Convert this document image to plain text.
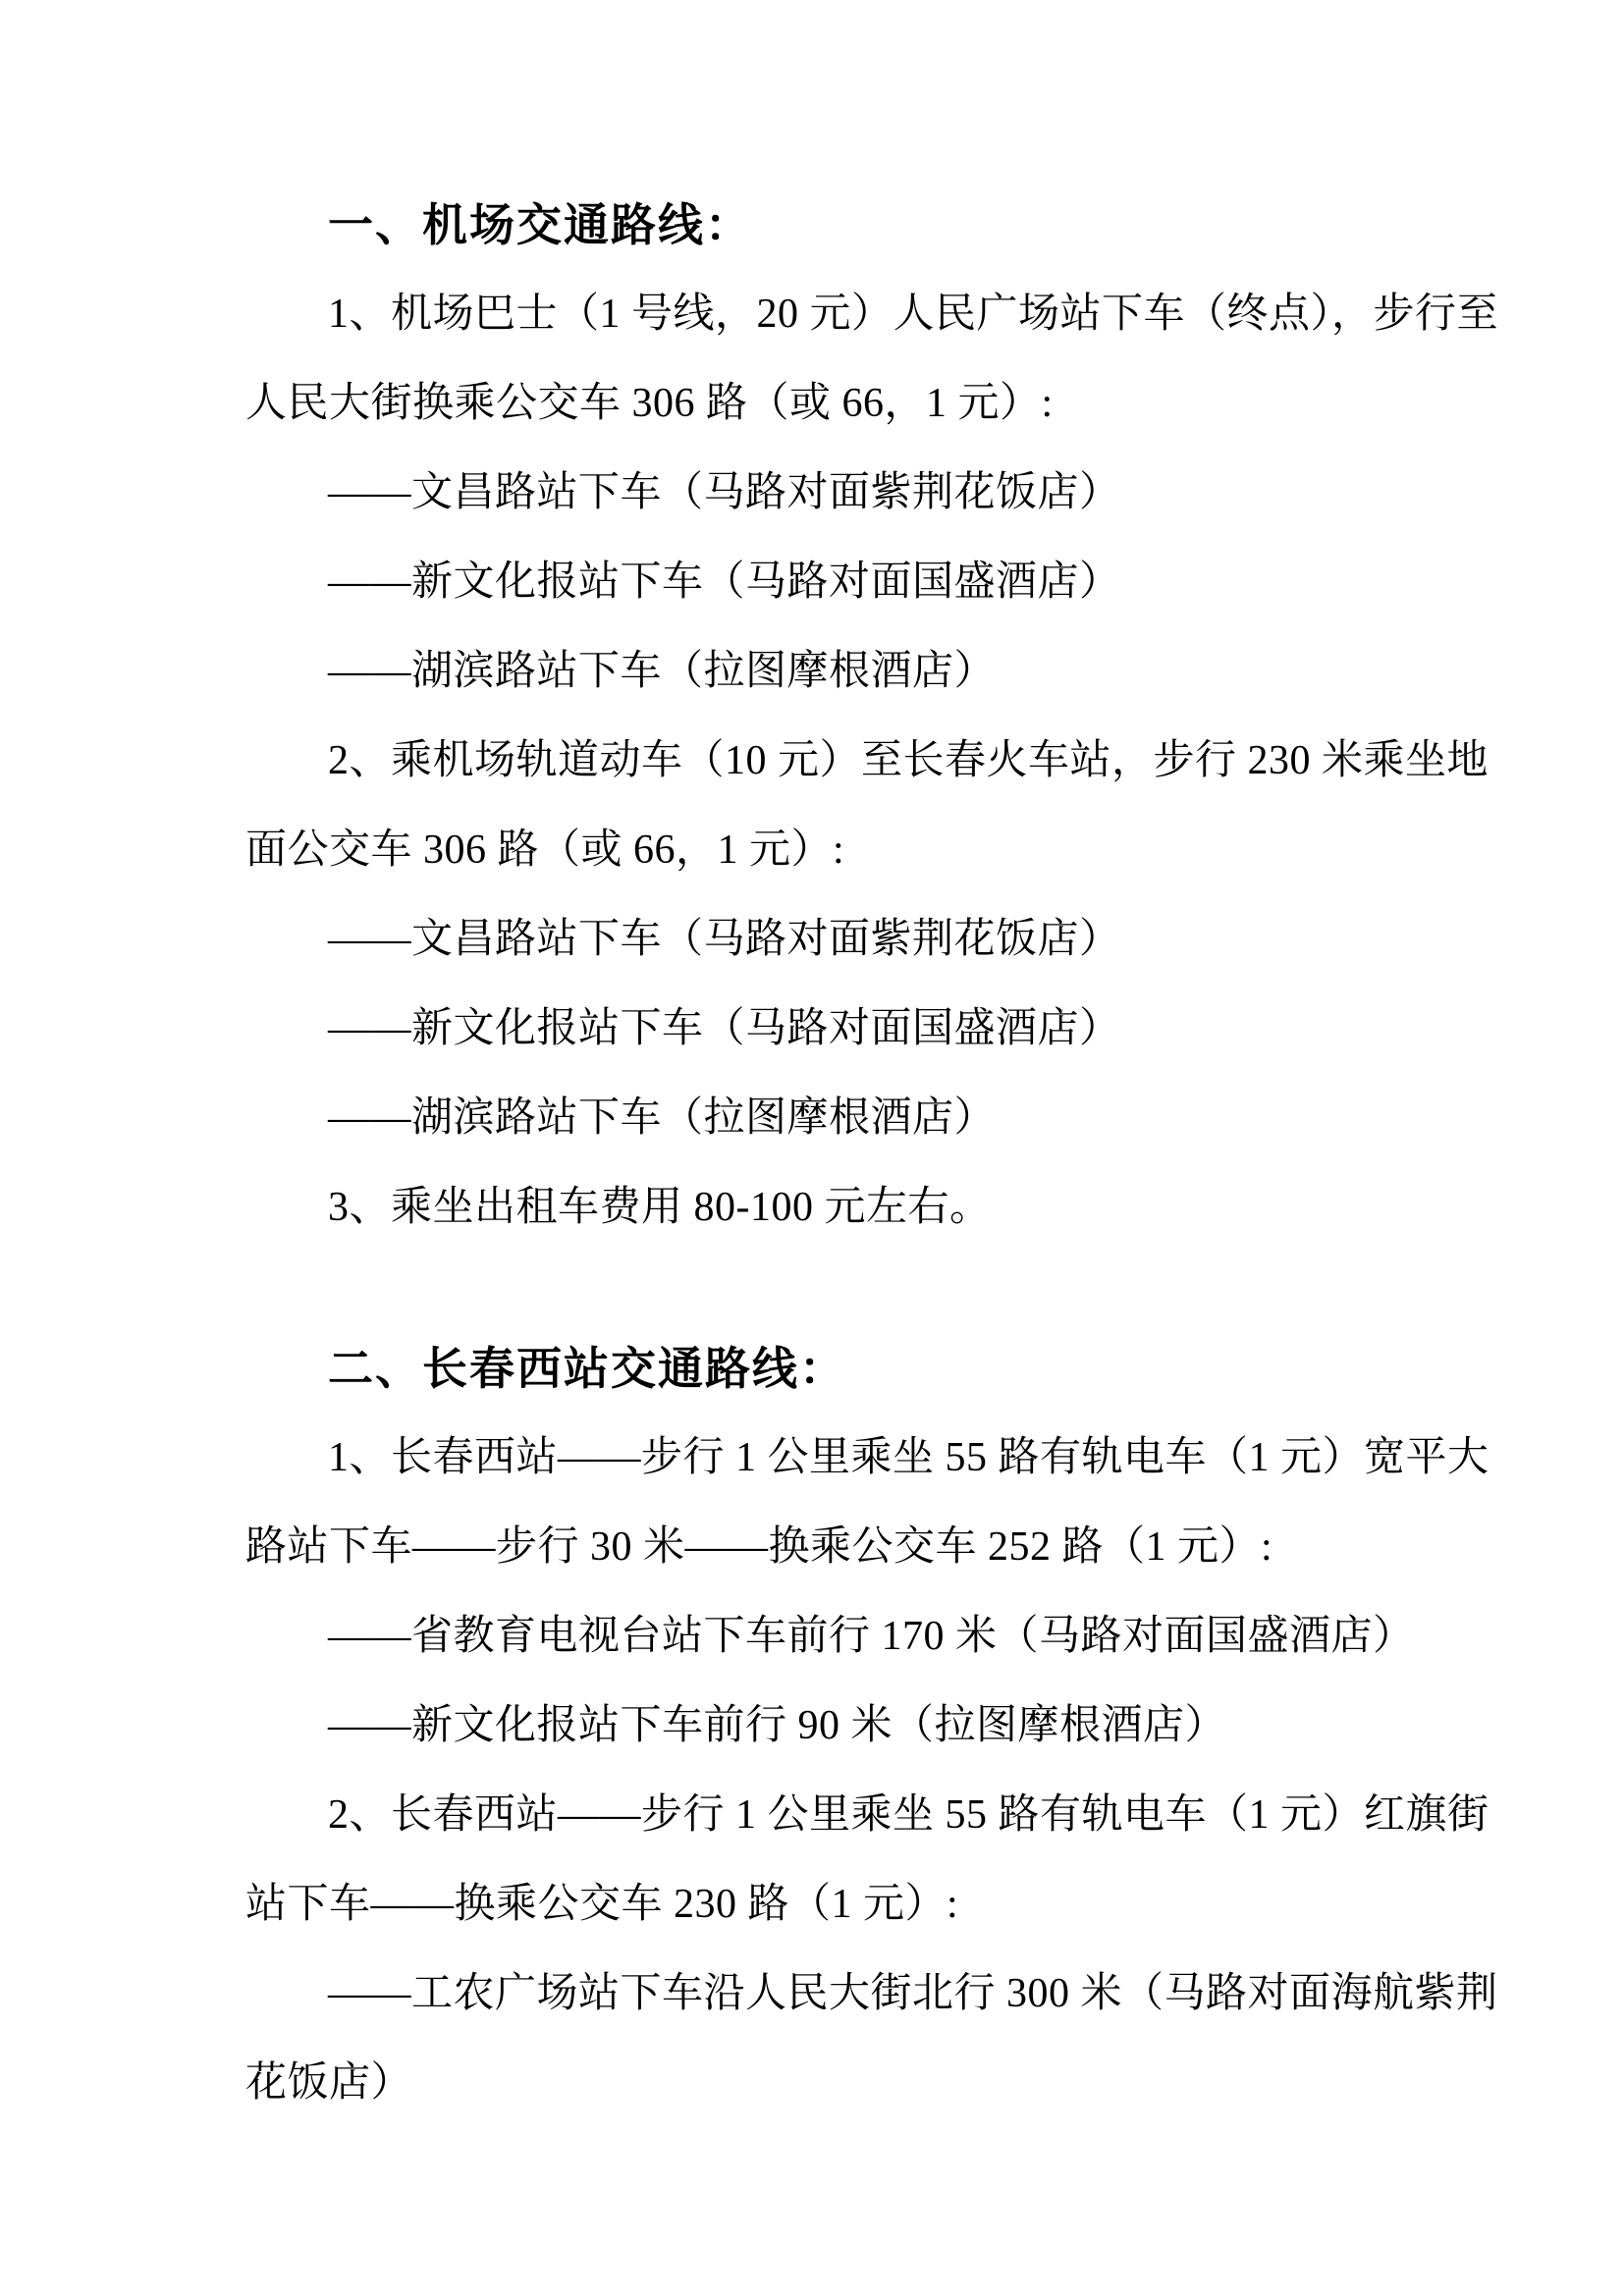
一、机场交通路线：
1、机场巴士（1 号线，20 元）人民广场站下车（终点），步行至
人民大街换乘公交车 306 路（或 66，1 元）:
——文昌路站下车（马路对面紫荆花饭店）
——新文化报站下车（马路对面国盛酒店）
——湖滨路站下车（拉图摩根酒店）
2、乘机场轨道动车（10 元）至长春火车站，步行 230 米乘坐地
面公交车 306 路（或 66，1 元）:
——文昌路站下车（马路对面紫荆花饭店）
——新文化报站下车（马路对面国盛酒店）
——湖滨路站下车（拉图摩根酒店）
3、乘坐出租车费用 80-100 元左右。
二、长春西站交通路线：
1、长春西站——步行 1 公里乘坐 55 路有轨电车（1 元）宽平大
路站下车——步行 30 米——换乘公交车 252 路（1 元）:
——省教育电视台站下车前行 170 米（马路对面国盛酒店）
——新文化报站下车前行 90 米（拉图摩根酒店）
2、长春西站——步行 1 公里乘坐 55 路有轨电车（1 元）红旗街
站下车——换乘公交车 230 路（1 元）:
——工农广场站下车沿人民大街北行 300 米（马路对面海航紫荆
花饭店）
